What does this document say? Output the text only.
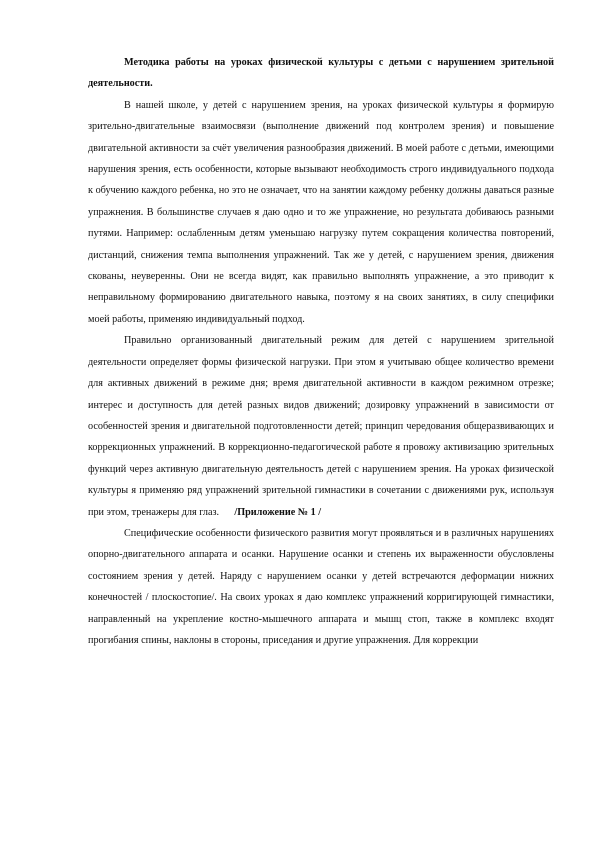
Методика работы на уроках физической культуры с детьми с нарушением зрительной деятельности.

В нашей школе, у детей с нарушением зрения, на уроках физической культуры я формирую зрительно-двигательные взаимосвязи (выполнение движений под контролем зрения) и повышение двигательной активности за счёт увеличения разнообразия движений. В моей работе с детьми, имеющими нарушения зрения, есть особенности, которые вызывают необходимость строго индивидуального подхода к обучению каждого ребенка, но это не означает, что на занятии каждому ребенку должны даваться разные упражнения. В большинстве случаев я даю одно и то же упражнение, но результата добиваюсь разными путями. Например: ослабленным детям уменьшаю нагрузку путем сокращения количества повторений, дистанций, снижения темпа выполнения упражнений. Так же у детей, с нарушением зрения, движения скованы, неуверенны. Они не всегда видят, как правильно выполнять упражнение, а это приводит к неправильному формированию двигательного навыка, поэтому я на своих занятиях, в силу специфики моей работы, применяю индивидуальный подход.

Правильно организованный двигательный режим для детей с нарушением зрительной деятельности определяет формы физической нагрузки. При этом я учитываю общее количество времени для активных движений в режиме дня; время двигательной активности в каждом режимном отрезке; интерес и доступность для детей разных видов движений; дозировку упражнений в зависимости от особенностей зрения и двигательной подготовленности детей; принцип чередования общеразвивающих и коррекционных упражнений. В коррекционно-педагогической работе я провожу активизацию зрительных функций через активную двигательную деятельность детей с нарушением зрения. На уроках физической культуры я применяю ряд упражнений зрительной гимнастики в сочетании с движениями рук, используя при этом, тренажеры для глаз. /Приложение № 1 /

Специфические особенности физического развития могут проявляться и в различных нарушениях опорно-двигательного аппарата и осанки. Нарушение осанки и степень их выраженности обусловлены состоянием зрения у детей. Наряду с нарушением осанки у детей встречаются деформации нижних конечностей / плоскостопие/. На своих уроках я даю комплекс упражнений корригирующей гимнастики, направленный на укрепление костно-мышечного аппарата и мышц стоп, также в комплекс входят прогибания спины, наклоны в стороны, приседания и другие упражнения. Для коррекции
